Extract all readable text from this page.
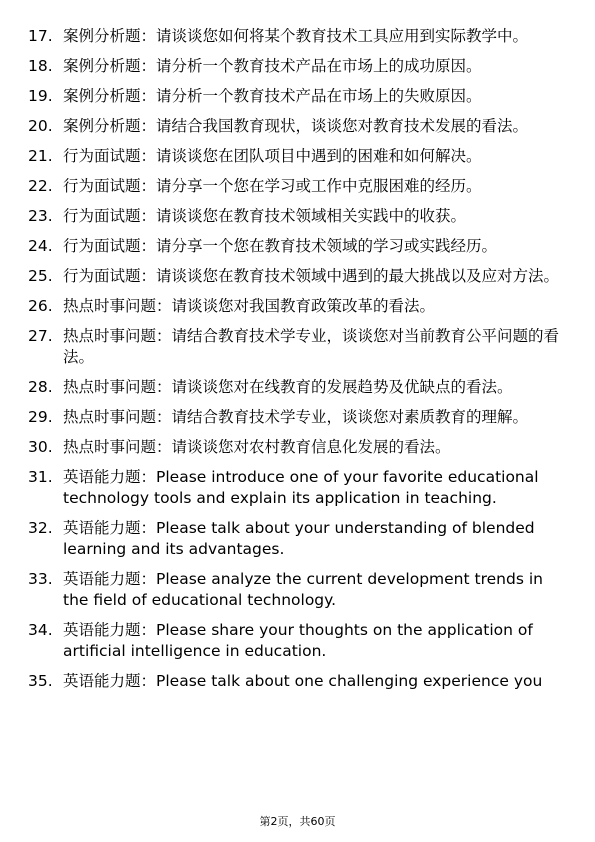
17. 案例分析题：请谈谈您如何将某个教育技术工具应用到实际教学中。
18. 案例分析题：请分析一个教育技术产品在市场上的成功原因。
19. 案例分析题：请分析一个教育技术产品在市场上的失败原因。
20. 案例分析题：请结合我国教育现状，谈谈您对教育技术发展的看法。
21. 行为面试题：请谈谈您在团队项目中遇到的困难和如何解决。
22. 行为面试题：请分享一个您在学习或工作中克服困难的经历。
23. 行为面试题：请谈谈您在教育技术领域相关实践中的收获。
24. 行为面试题：请分享一个您在教育技术领域的学习或实践经历。
25. 行为面试题：请谈谈您在教育技术领域中遇到的最大挑战以及应对方法。
26. 热点时事问题：请谈谈您对我国教育政策改革的看法。
27. 热点时事问题：请结合教育技术学专业，谈谈您对当前教育公平问题的看法。
28. 热点时事问题：请谈谈您对在线教育的发展趋势及优缺点的看法。
29. 热点时事问题：请结合教育技术学专业，谈谈您对素质教育的理解。
30. 热点时事问题：请谈谈您对农村教育信息化发展的看法。
31. 英语能力题：Please introduce one of your favorite educational technology tools and explain its application in teaching.
32. 英语能力题：Please talk about your understanding of blended learning and its advantages.
33. 英语能力题：Please analyze the current development trends in the field of educational technology.
34. 英语能力题：Please share your thoughts on the application of artificial intelligence in education.
35. 英语能力题：Please talk about one challenging experience you
第2页，共60页
